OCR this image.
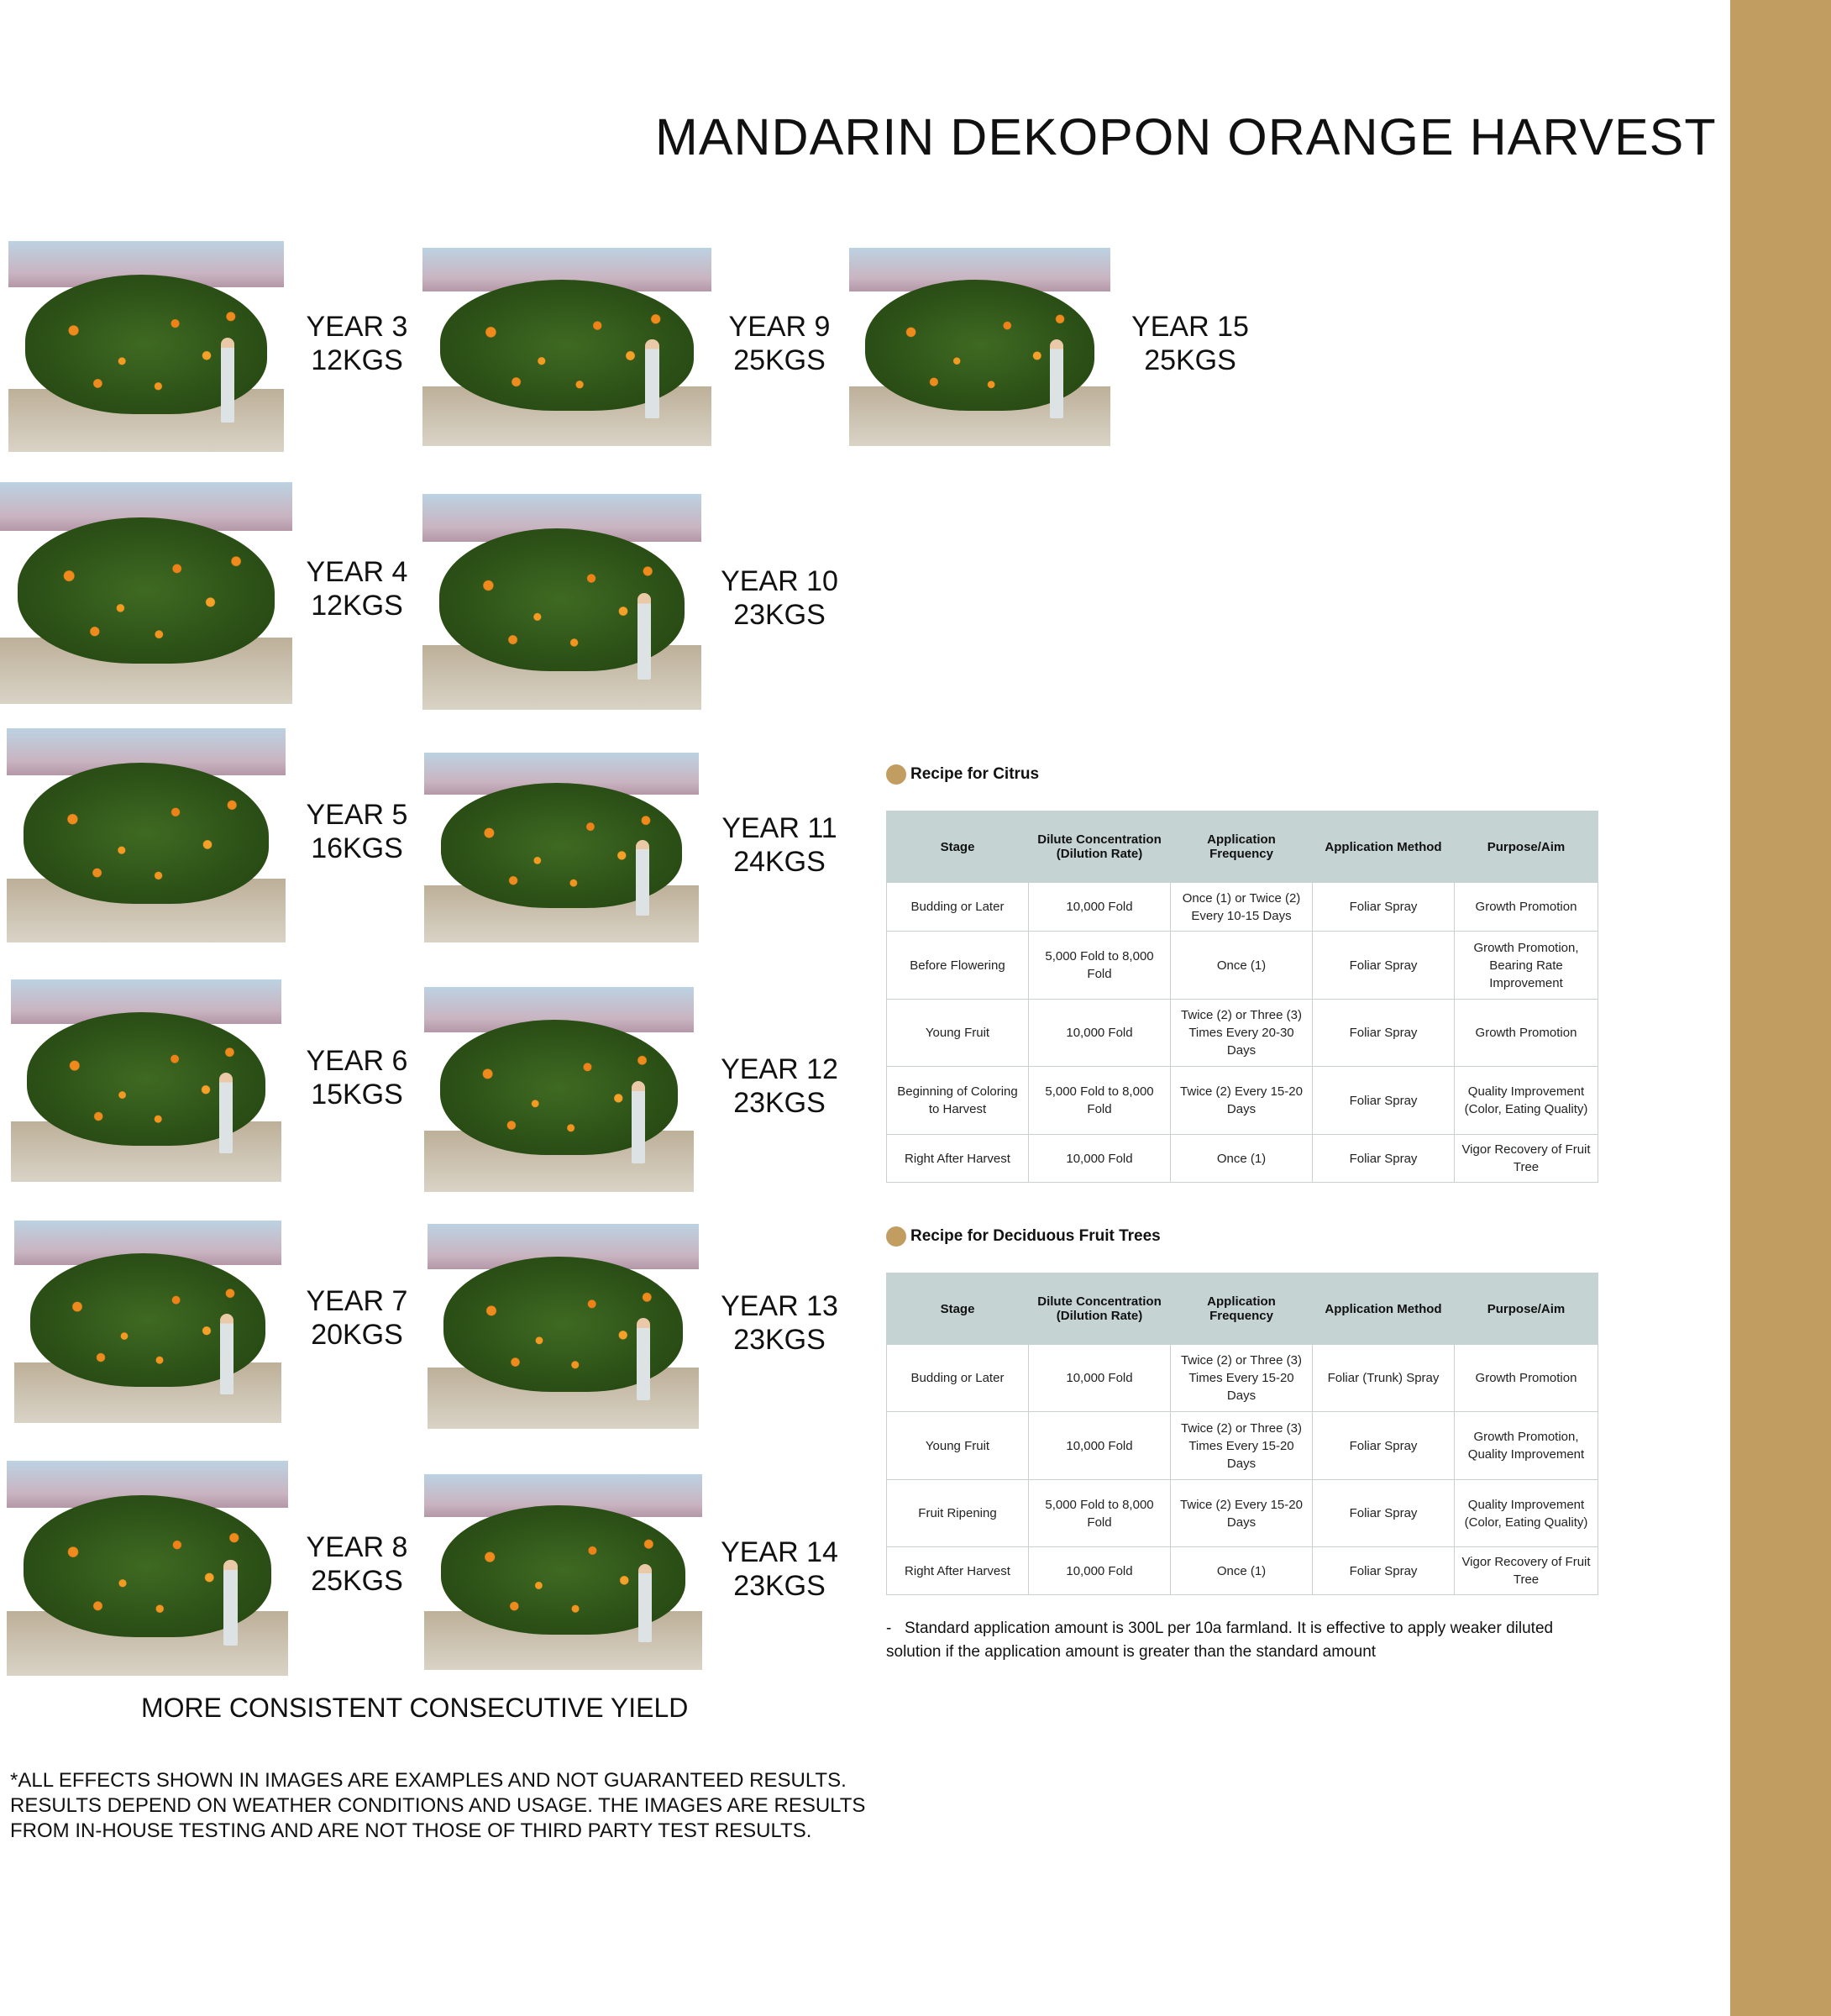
MANDARIN DEKOPON ORANGE HARVEST
YEAR 3
12KGS
YEAR 4
12KGS
YEAR 5
16KGS
YEAR 6
15KGS
YEAR 7
20KGS
YEAR 8
25KGS
YEAR 9
25KGS
YEAR 10
23KGS
YEAR 11
24KGS
YEAR 12
23KGS
YEAR 13
23KGS
YEAR 14
23KGS
YEAR 15
25KGS
MORE CONSISTENT CONSECUTIVE YIELD
*ALL EFFECTS SHOWN IN IMAGES ARE EXAMPLES AND NOT GUARANTEED RESULTS.
RESULTS DEPEND ON WEATHER CONDITIONS AND USAGE. THE IMAGES ARE RESULTS
FROM IN-HOUSE TESTING AND ARE NOT THOSE OF THIRD PARTY TEST RESULTS.
Recipe for Citrus
Stage	Dilute Concentration (Dilution Rate)	Application Frequency	Application Method	Purpose/Aim
Budding or Later	10,000 Fold	Once (1) or Twice (2) Every 10-15 Days	Foliar Spray	Growth Promotion
Before Flowering	5,000 Fold to 8,000 Fold	Once (1)	Foliar Spray	Growth Promotion, Bearing Rate Improvement
Young Fruit	10,000 Fold	Twice (2) or Three (3) Times Every 20-30 Days	Foliar Spray	Growth Promotion
Beginning of Coloring to Harvest	5,000 Fold to 8,000 Fold	Twice (2) Every 15-20 Days	Foliar Spray	Quality Improvement (Color, Eating Quality)
Right After Harvest	10,000 Fold	Once (1)	Foliar Spray	Vigor Recovery of Fruit Tree
Recipe for Deciduous Fruit Trees
Stage	Dilute Concentration (Dilution Rate)	Application Frequency	Application Method	Purpose/Aim
Budding or Later	10,000 Fold	Twice (2) or Three (3) Times Every 15-20 Days	Foliar (Trunk) Spray	Growth Promotion
Young Fruit	10,000 Fold	Twice (2) or Three (3) Times Every 15-20 Days	Foliar Spray	Growth Promotion, Quality Improvement
Fruit Ripening	5,000 Fold to 8,000 Fold	Twice (2) Every 15-20 Days	Foliar Spray	Quality Improvement (Color, Eating Quality)
Right After Harvest	10,000 Fold	Once (1)	Foliar Spray	Vigor Recovery of Fruit Tree
- Standard application amount is 300L per 10a farmland. It is effective to apply weaker diluted solution if the application amount is greater than the standard amount
